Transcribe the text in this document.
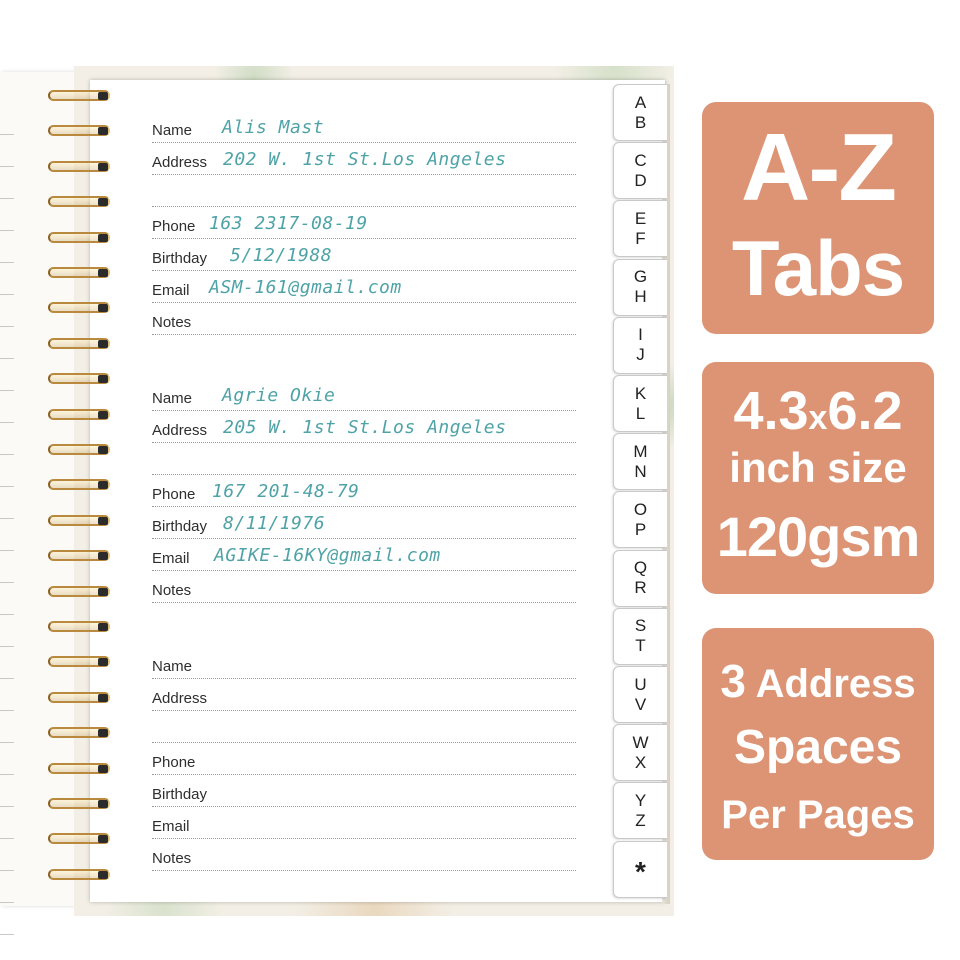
Name Alis Mast
Address 202 W. 1st St.Los Angeles
Phone 163 2317-08-19
Birthday 5/12/1988
Email ASM-161@gmail.com
Notes
Name Agrie Okie
Address 205 W. 1st St.Los Angeles
Phone 167 201-48-79
Birthday 8/11/1976
Email AGIKE-16KY@gmail.com
Notes
Name
Address
Phone
Birthday
Email
Notes
A
B
C
D
E
F
G
H
I
J
K
L
M
N
O
P
Q
R
S
T
U
V
W
X
Y
Z
*
A-Z
Tabs
4.3x6.2
inch size
120gsm
3 Address
Spaces
Per Pages
